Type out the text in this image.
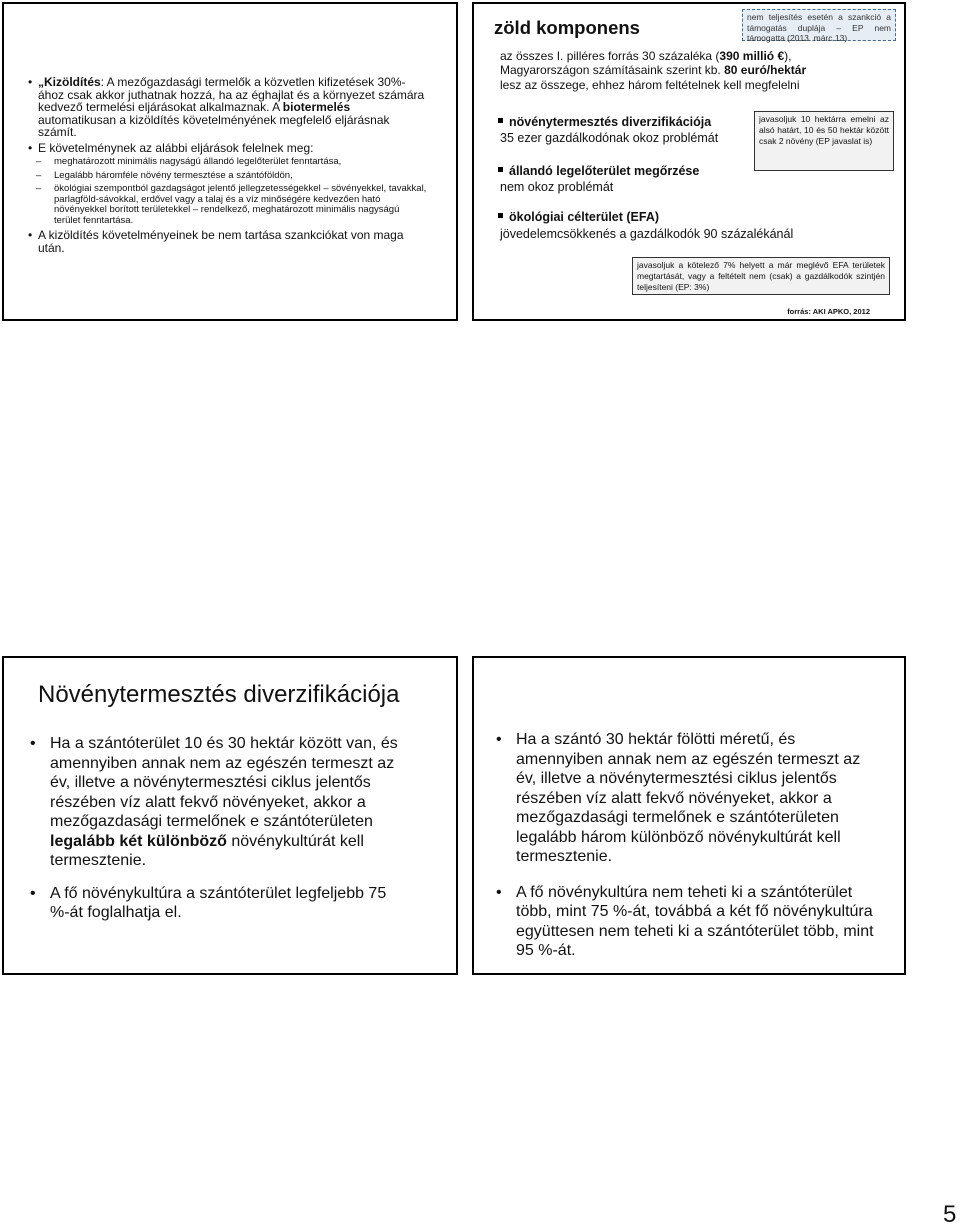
• „Kizöldítés: A mezőgazdasági termelők a közvetlen kifizetések 30%-ához csak akkor juthatnak hozzá, ha az éghajlat és a környezet számára kedvező termelési eljárásokat alkalmaznak. A biotermelés automatikusan a kizöldítés követelményének megfelelő eljárásnak számít.

• E követelménynek az alábbi eljárások felelnek meg:

– meghatározott minimális nagyságú állandó legelőterület fenntartása,
– Legalább háromféle növény termesztése a szántóföldön,
– ökológiai szempontból gazdagságot jelentő jellegzetességekkel – sövényekkel, tavakkal, parlagföld-sávokkal, erdővel vagy a talaj és a víz minőségére kedvezően ható növényekkel borított területekkel – rendelkező, meghatározott minimális nagyságú terület fenntartása.

• A kizöldítés követelményeinek be nem tartása szankciókat von maga után.

zöld komponens	nem teljesítés esetén a szankció a támogatás duplája – EP nem támogatta (2013. márc 13)
az összes I. pilléres forrás 30 százaléka (390 millió €),
Magyarországon számításaink szerint kb. 80 euró/hektár
lesz az összege, ehhez három feltételnek kell megfelelni
növénytermesztés diverzifikációja
35 ezer gazdálkodónak okoz problémát
állandó legelőterület megőrzése
nem okoz problémát
ökológiai célterület (EFA)
jövedelemcsökkenés a gazdálkodók 90 százalékánál
javasoljuk 10 hektárra emelni az alsó határt, 10 és 50 hektár között csak 2 növény (EP javaslat is)
javasoljuk a kötelező 7% helyett a már meglévő EFA területek megtartását, vagy a feltételt nem (csak) a gazdálkodók szintjén teljesíteni (EP: 3%)
forrás: AKI APKO, 2012
Növénytermesztés diverzifikációja
• Ha a szántóterület 10 és 30 hektár között van, és amennyiben annak nem az egészén termeszt az év, illetve a növénytermesztési ciklus jelentős részében víz alatt fekvő növényeket, akkor a mezőgazdasági termelőnek e szántóterületen legalább két különböző növénykultúrát kell termesztenie.
• A fő növénykultúra a szántóterület legfeljebb 75 %-át foglalhatja el.
• Ha a szántó 30 hektár fölötti méretű, és amennyiben annak nem az egészén termeszt az év, illetve a növénytermesztési ciklus jelentős részében víz alatt fekvő növényeket, akkor a mezőgazdasági termelőnek e szántóterületen legalább három különböző növénykultúrát kell termesztenie.
• A fő növénykultúra nem teheti ki a szántóterület több, mint 75 %-át, továbbá a két fő növénykultúra együttesen nem teheti ki a szántóterület több, mint 95 %-át.
5
